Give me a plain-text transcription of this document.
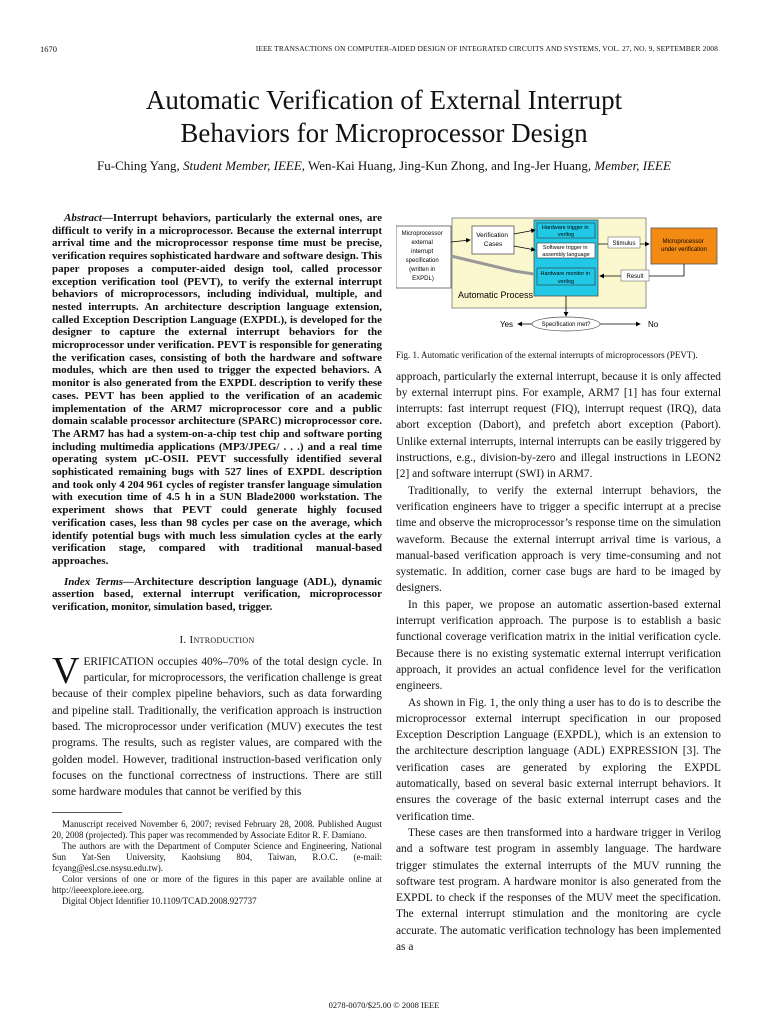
1670	IEEE TRANSACTIONS ON COMPUTER-AIDED DESIGN OF INTEGRATED CIRCUITS AND SYSTEMS, VOL. 27, NO. 9, SEPTEMBER 2008
Automatic Verification of External Interrupt
Behaviors for Microprocessor Design
Fu-Ching Yang, Student Member, IEEE, Wen-Kai Huang, Jing-Kun Zhong, and Ing-Jer Huang, Member, IEEE

Abstract—Interrupt behaviors, particularly the external ones, are difficult to verify in a microprocessor. Because the external interrupt arrival time and the microprocessor response time must be precise, verification requires sophisticated hardware and software design. This paper proposes a computer-aided design tool, called processor exception verification tool (PEVT), to verify the external interrupt behaviors of microprocessors, including individual, multiple, and nested interrupts. An architecture description language extension, called Exception Description Language (EXPDL), is developed for the designer to capture the external interrupt behaviors for the microprocessor under verification. PEVT is responsible for generating the verification cases, consisting of both the hardware and software modules, which are then used to trigger the expected behaviors. A monitor is also generated from the EXPDL description to verify these cases. PEVT has been applied to the verification of an academic implementation of the ARM7 microprocessor core and a public domain scalable processor architecture (SPARC) microprocessor core. The ARM7 has had a system-on-a-chip test chip and software porting including multimedia applications (MP3/JPEG/ . . .) and a real time operating system μC-OSII. PEVT successfully identified several sophisticated remaining bugs with 527 lines of EXPDL description and took only 4 204 961 cycles of register transfer language simulation with execution time of 4.5 h in a SUN Blade2000 workstation. The experiment shows that PEVT could generate highly focused verification cases, less than 98 cycles per case on the average, which identify potential bugs with much less simulation cycles at the early verification stage, compared with traditional manual-based approaches.

Index Terms—Architecture description language (ADL), dynamic assertion based, external interrupt verification, microprocessor verification, monitor, simulation based, trigger.

I. Introduction

VERIFICATION occupies 40%–70% of the total design cycle. In particular, for microprocessors, the verification challenge is great because of their complex pipeline behaviors, such as data forwarding and pipeline stall. Traditionally, the verification approach is instruction based. The microprocessor under verification (MUV) executes the test programs. The results, such as register values, are compared with the golden model. However, traditional instruction-based verification only focuses on the functional correctness of instructions. There are still some hardware modules that cannot be verified by this

Manuscript received November 6, 2007; revised February 28, 2008. Published August 20, 2008 (projected). This paper was recommended by Associate Editor R. F. Damiano.

The authors are with the Department of Computer Science and Engineering, National Sun Yat-Sen University, Kaohsiung 804, Taiwan, R.O.C. (e-mail: fcyang@esl.cse.nsysu.edu.tw).

Color versions of one or more of the figures in this paper are available online at http://ieeexplore.ieee.org.

Digital Object Identifier 10.1109/TCAD.2008.927737

Automatic Process
Microprocessor external interrupt specification (written in EXPDL)
Verification Cases
Hardware trigger in verilog
Software trigger in assembly language
Hardware monitor in verilog
Microprocessor under verification
Stimulus
Result
Specification met?
Yes	No
Fig. 1. Automatic verification of the external interrupts of microprocessors (PEVT).

approach, particularly the external interrupt, because it is only affected by external interrupt pins. For example, ARM7 [1] has four external interrupts: fast interrupt request (FIQ), interrupt request (IRQ), data abort exception (Dabort), and prefetch abort exception (Pabort). Unlike external interrupts, internal interrupts can be easily triggered by instructions, e.g., division-by-zero and illegal instructions in LEON2 [2] and software interrupt (SWI) in ARM7.

Traditionally, to verify the external interrupt behaviors, the verification engineers have to trigger a specific interrupt at a precise time and observe the microprocessor’s response time on the simulation waveform. Because the external interrupt arrival time is various, a manual-based verification approach is very time-consuming and not systematic. In addition, corner case bugs are hard to be imaged by designers.

In this paper, we propose an automatic assertion-based external interrupt verification approach. The purpose is to establish a basic functional coverage verification matrix in the initial verification cycle. Because there is no existing systematic external interrupt verification approach, it provides an actual confidence level for the verification engineers.

As shown in Fig. 1, the only thing a user has to do is to describe the microprocessor external interrupt specification in our proposed Exception Description Language (EXPDL), which is an extension to the architecture description language (ADL) EXPRESSION [3]. The verification cases are generated by exploring the EXPDL automatically, based on several basic external interrupt behaviors. It ensures the coverage of the basic external interrupt cases and the verification time.

These cases are then transformed into a hardware trigger in Verilog and a software test program in assembly language. The hardware trigger stimulates the external interrupts of the MUV running the software test program. A hardware monitor is also generated from the EXPDL to check if the responses of the MUV meet the specification. The external interrupt stimulation and the monitoring are cycle accurate. The automatic verification technology has been implemented as a

0278-0070/$25.00 © 2008 IEEE
